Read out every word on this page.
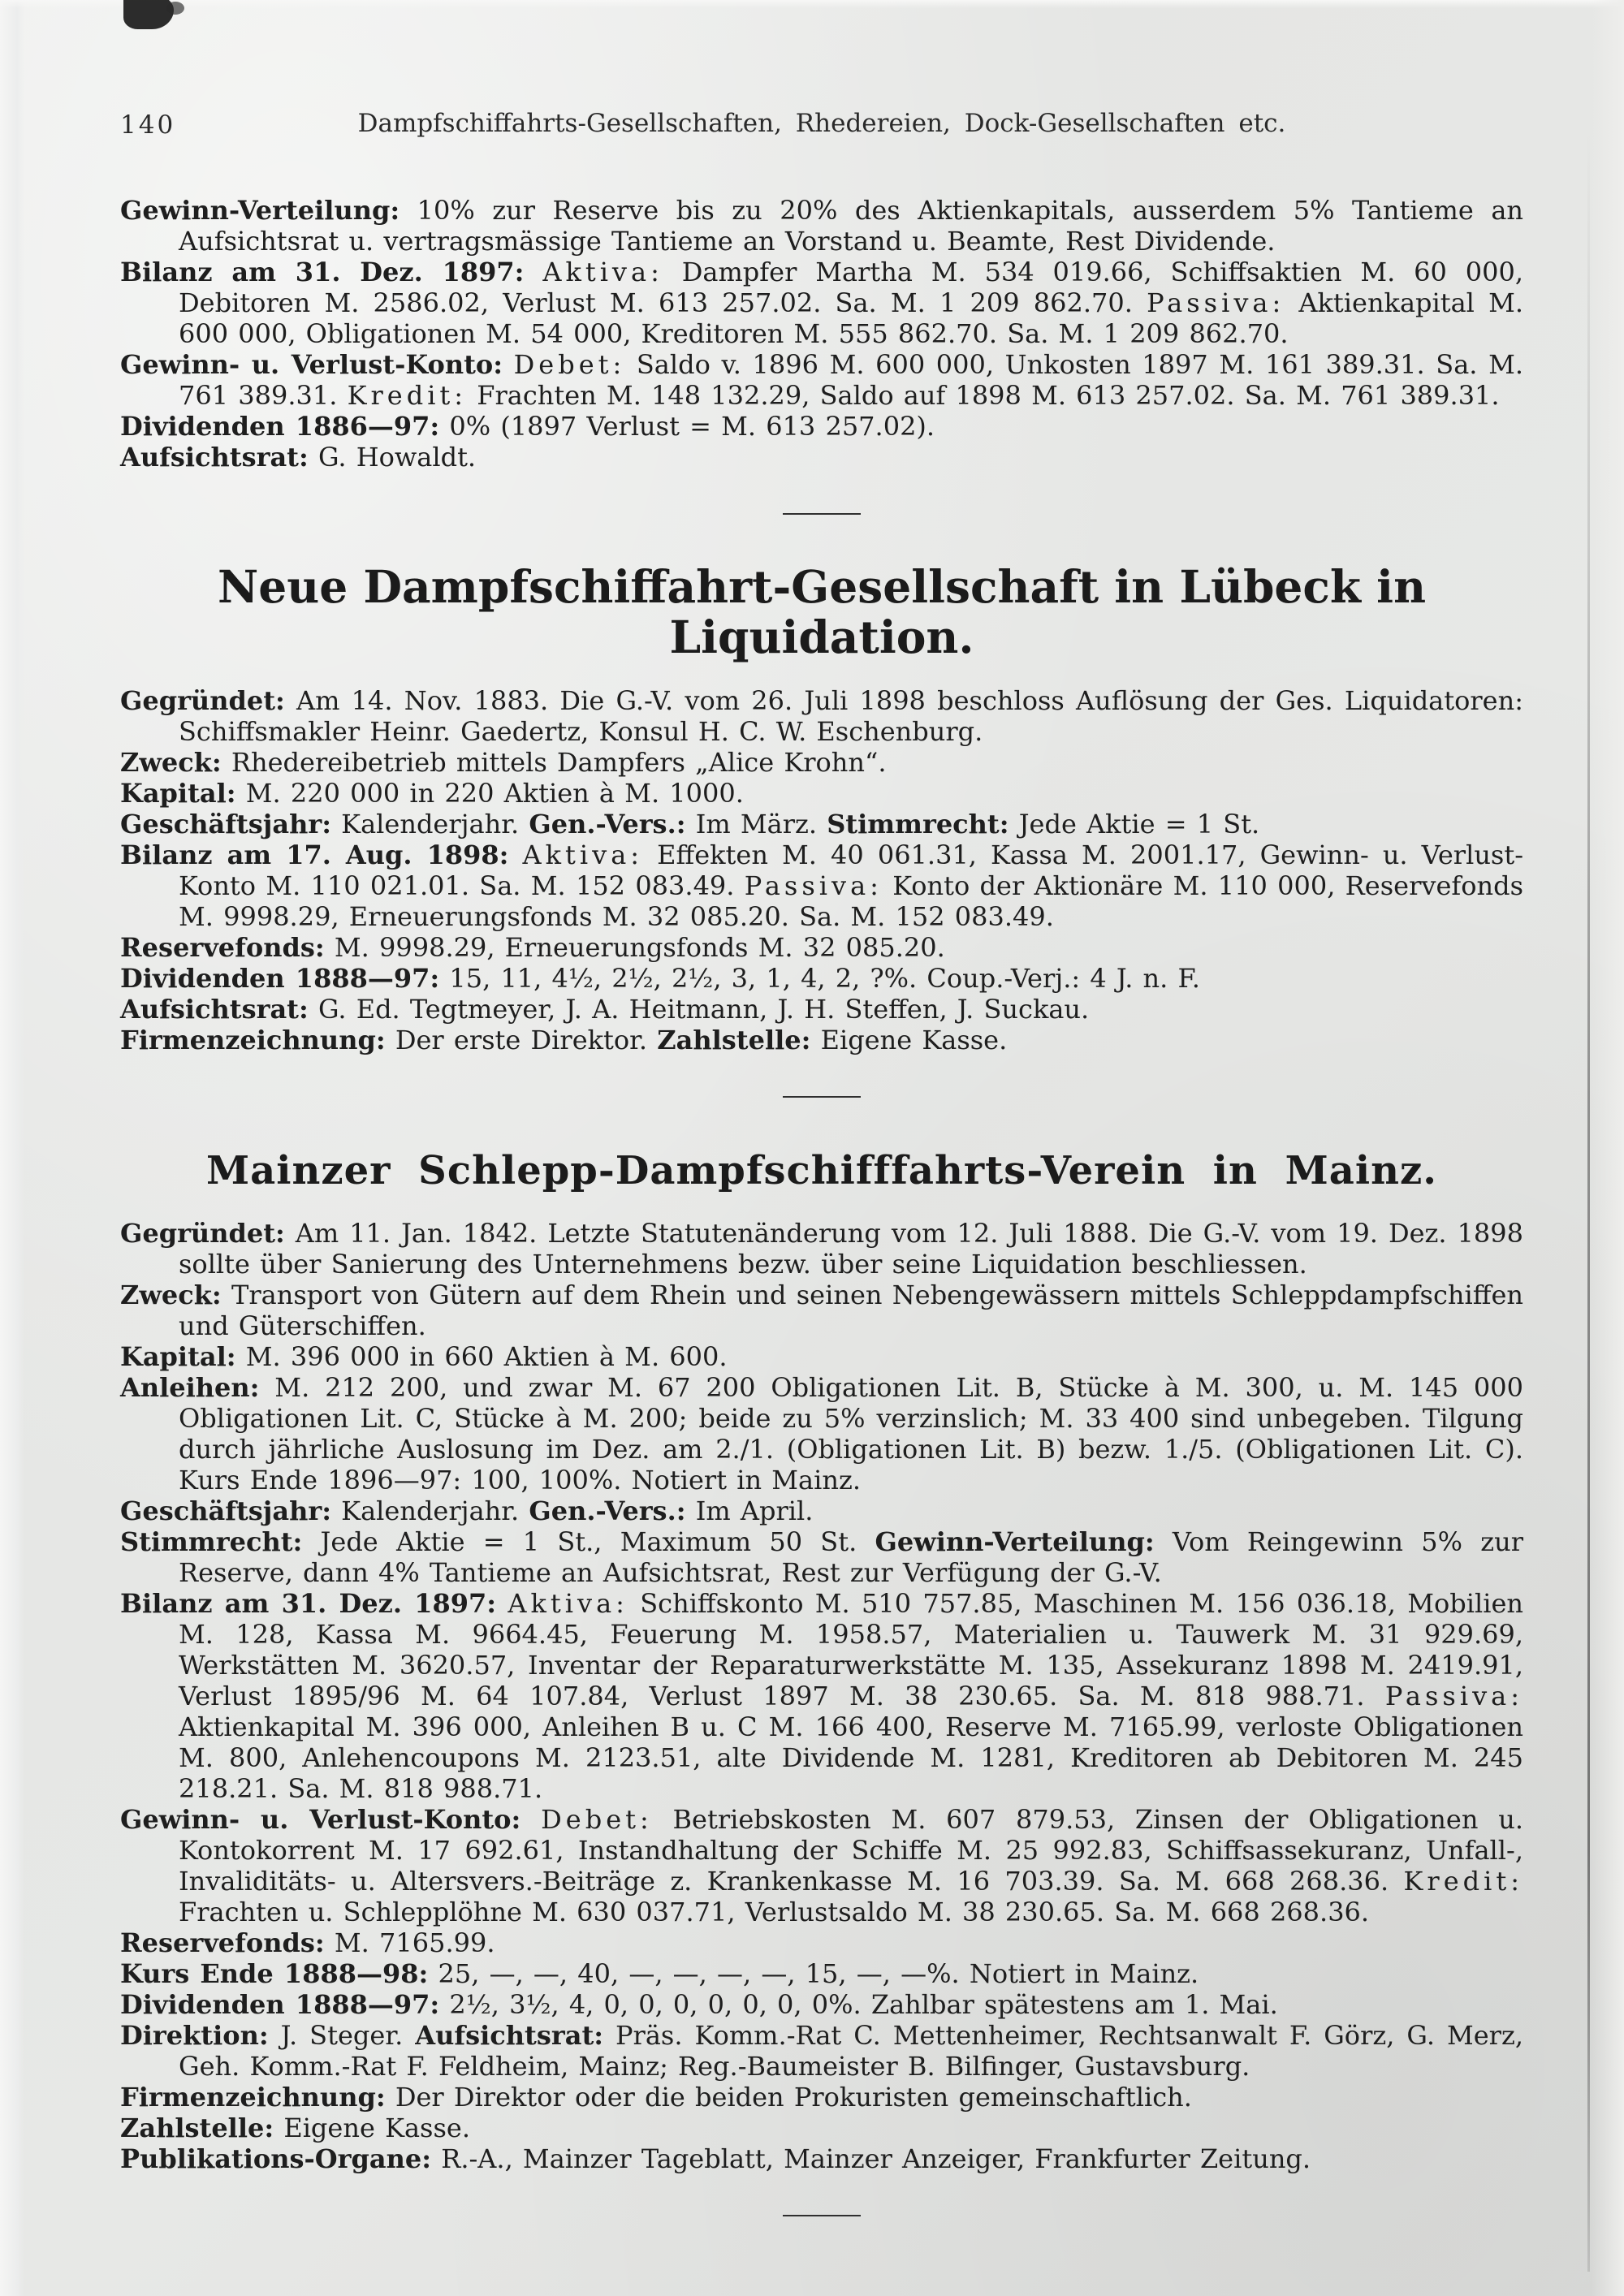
140	Dampfschiffahrts-Gesellschaften, Rhedereien, Dock-Gesellschaften etc.

Gewinn-Verteilung: 10% zur Reserve bis zu 20% des Aktienkapitals, ausserdem 5% Tantieme an Aufsichtsrat u. vertragsmässige Tantieme an Vorstand u. Beamte, Rest Dividende.

Bilanz am 31. Dez. 1897: Aktiva: Dampfer Martha M. 534 019.66, Schiffsaktien M. 60 000, Debitoren M. 2586.02, Verlust M. 613 257.02. Sa. M. 1 209 862.70. Passiva: Aktienkapital M. 600 000, Obligationen M. 54 000, Kreditoren M. 555 862.70. Sa. M. 1 209 862.70.

Gewinn- u. Verlust-Konto: Debet: Saldo v. 1896 M. 600 000, Unkosten 1897 M. 161 389.31. Sa. M. 761 389.31. Kredit: Frachten M. 148 132.29, Saldo auf 1898 M. 613 257.02. Sa. M. 761 389.31.

Dividenden 1886—97: 0% (1897 Verlust = M. 613 257.02).

Aufsichtsrat: G. Howaldt.

Neue Dampfschiffahrt-Gesellschaft in Lübeck in Liquidation.

Gegründet: Am 14. Nov. 1883. Die G.-V. vom 26. Juli 1898 beschloss Auflösung der Ges. Liquidatoren: Schiffsmakler Heinr. Gaedertz, Konsul H. C. W. Eschenburg.

Zweck: Rhedereibetrieb mittels Dampfers „Alice Krohn“.

Kapital: M. 220 000 in 220 Aktien à M. 1000.

Geschäftsjahr: Kalenderjahr. Gen.-Vers.: Im März. Stimmrecht: Jede Aktie = 1 St.

Bilanz am 17. Aug. 1898: Aktiva: Effekten M. 40 061.31, Kassa M. 2001.17, Gewinn- u. Verlust-Konto M. 110 021.01. Sa. M. 152 083.49. Passiva: Konto der Aktionäre M. 110 000, Reservefonds M. 9998.29, Erneuerungsfonds M. 32 085.20. Sa. M. 152 083.49.

Reservefonds: M. 9998.29, Erneuerungsfonds M. 32 085.20.

Dividenden 1888—97: 15, 11, 4½, 2½, 2½, 3, 1, 4, 2, ?%. Coup.-Verj.: 4 J. n. F.

Aufsichtsrat: G. Ed. Tegtmeyer, J. A. Heitmann, J. H. Steffen, J. Suckau.

Firmenzeichnung: Der erste Direktor. Zahlstelle: Eigene Kasse.

Mainzer Schlepp-Dampfschifffahrts-Verein in Mainz.

Gegründet: Am 11. Jan. 1842. Letzte Statutenänderung vom 12. Juli 1888. Die G.-V. vom 19. Dez. 1898 sollte über Sanierung des Unternehmens bezw. über seine Liquidation beschliessen.

Zweck: Transport von Gütern auf dem Rhein und seinen Nebengewässern mittels Schleppdampfschiffen und Güterschiffen.

Kapital: M. 396 000 in 660 Aktien à M. 600.

Anleihen: M. 212 200, und zwar M. 67 200 Obligationen Lit. B, Stücke à M. 300, u. M. 145 000 Obligationen Lit. C, Stücke à M. 200; beide zu 5% verzinslich; M. 33 400 sind unbegeben. Tilgung durch jährliche Auslosung im Dez. am 2./1. (Obligationen Lit. B) bezw. 1./5. (Obligationen Lit. C). Kurs Ende 1896—97: 100, 100%. Notiert in Mainz.

Geschäftsjahr: Kalenderjahr. Gen.-Vers.: Im April.

Stimmrecht: Jede Aktie = 1 St., Maximum 50 St. Gewinn-Verteilung: Vom Reingewinn 5% zur Reserve, dann 4% Tantieme an Aufsichtsrat, Rest zur Verfügung der G.-V.

Bilanz am 31. Dez. 1897: Aktiva: Schiffskonto M. 510 757.85, Maschinen M. 156 036.18, Mobilien M. 128, Kassa M. 9664.45, Feuerung M. 1958.57, Materialien u. Tauwerk M. 31 929.69, Werkstätten M. 3620.57, Inventar der Reparaturwerkstätte M. 135, Assekuranz 1898 M. 2419.91, Verlust 1895/96 M. 64 107.84, Verlust 1897 M. 38 230.65. Sa. M. 818 988.71. Passiva: Aktienkapital M. 396 000, Anleihen B u. C M. 166 400, Reserve M. 7165.99, verloste Obligationen M. 800, Anlehencoupons M. 2123.51, alte Dividende M. 1281, Kreditoren ab Debitoren M. 245 218.21. Sa. M. 818 988.71.

Gewinn- u. Verlust-Konto: Debet: Betriebskosten M. 607 879.53, Zinsen der Obligationen u. Kontokorrent M. 17 692.61, Instandhaltung der Schiffe M. 25 992.83, Schiffsassekuranz, Unfall-, Invaliditäts- u. Altersvers.-Beiträge z. Krankenkasse M. 16 703.39. Sa. M. 668 268.36. Kredit: Frachten u. Schlepplöhne M. 630 037.71, Verlustsaldo M. 38 230.65. Sa. M. 668 268.36.

Reservefonds: M. 7165.99.

Kurs Ende 1888—98: 25, —, —, 40, —, —, —, —, 15, —, —%. Notiert in Mainz.

Dividenden 1888—97: 2½, 3½, 4, 0, 0, 0, 0, 0, 0, 0%. Zahlbar spätestens am 1. Mai.

Direktion: J. Steger. Aufsichtsrat: Präs. Komm.-Rat C. Mettenheimer, Rechtsanwalt F. Görz, G. Merz, Geh. Komm.-Rat F. Feldheim, Mainz; Reg.-Baumeister B. Bilfinger, Gustavsburg.

Firmenzeichnung: Der Direktor oder die beiden Prokuristen gemeinschaftlich.

Zahlstelle: Eigene Kasse.

Publikations-Organe: R.-A., Mainzer Tageblatt, Mainzer Anzeiger, Frankfurter Zeitung.
